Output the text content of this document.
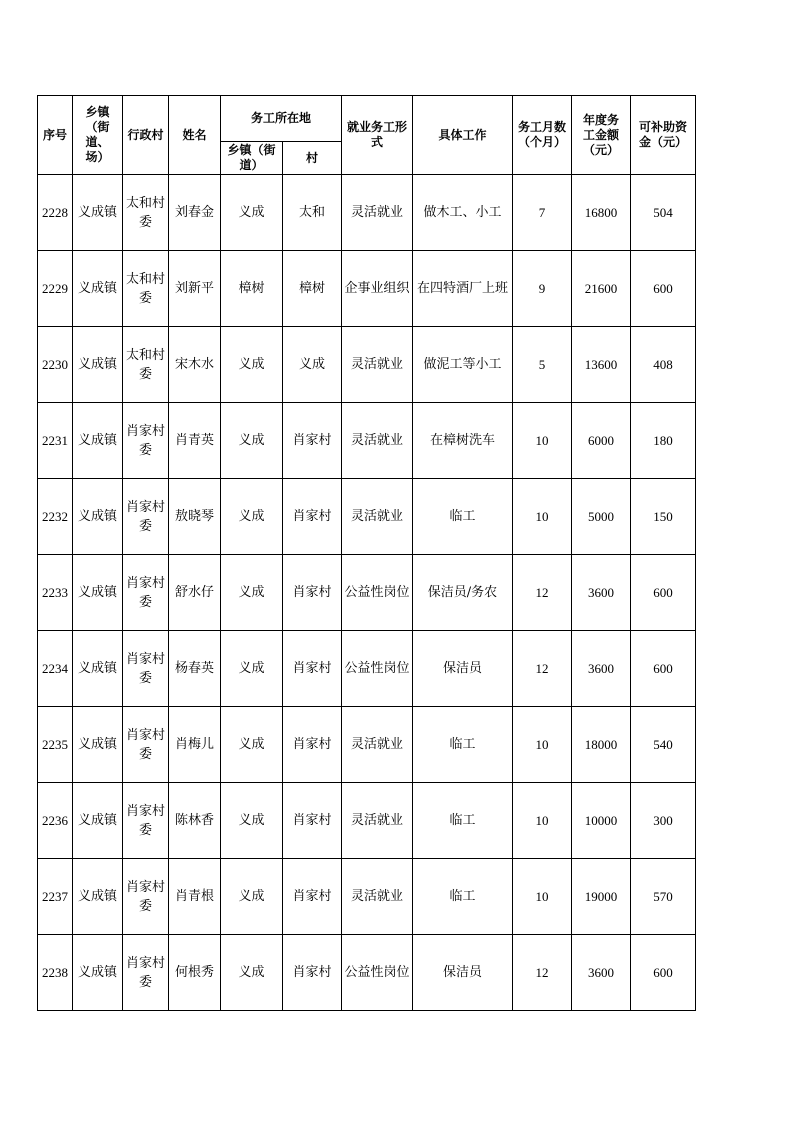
序号	乡镇（街道、场）	行政村	姓名	务工所在地		就业务工形式	具体工作	务工月数（个月）	年度务工金额（元）	可补助资金（元）
				乡镇（街道）	村					
2228	义成镇	太和村委	刘春金	义成	太和	灵活就业	做木工、小工	7	16800	504
2229	义成镇	太和村委	刘新平	樟树	樟树	企事业组织	在四特酒厂上班	9	21600	600
2230	义成镇	太和村委	宋木水	义成	义成	灵活就业	做泥工等小工	5	13600	408
2231	义成镇	肖家村委	肖青英	义成	肖家村	灵活就业	在樟树洗车	10	6000	180
2232	义成镇	肖家村委	敖晓琴	义成	肖家村	灵活就业	临工	10	5000	150
2233	义成镇	肖家村委	舒水仔	义成	肖家村	公益性岗位	保洁员/务农	12	3600	600
2234	义成镇	肖家村委	杨春英	义成	肖家村	公益性岗位	保洁员	12	3600	600
2235	义成镇	肖家村委	肖梅儿	义成	肖家村	灵活就业	临工	10	18000	540
2236	义成镇	肖家村委	陈林香	义成	肖家村	灵活就业	临工	10	10000	300
2237	义成镇	肖家村委	肖青根	义成	肖家村	灵活就业	临工	10	19000	570
2238	义成镇	肖家村委	何根秀	义成	肖家村	公益性岗位	保洁员	12	3600	600
